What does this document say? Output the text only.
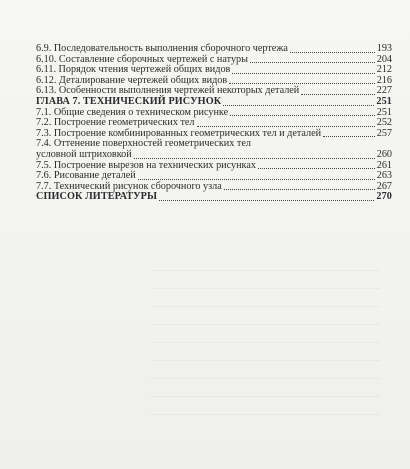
6.9. Последовательность выполнения сборочного чертежа	193
6.10. Составление сборочных чертежей с натуры	204
6.11. Порядок чтения чертежей общих видов	212
6.12. Деталирование чертежей общих видов	216
6.13. Особенности выполнения чертежей некоторых деталей	227
ГЛАВА 7. ТЕХНИЧЕСКИЙ РИСУНОК	251
7.1. Общие сведения о техническом рисунке	251
7.2. Построение геометрических тел	252
7.3. Построение комбинированных геометрических тел и деталей	257
7.4. Оттенение поверхностей геометрических тел
условной штриховкой	260
7.5. Построение вырезов на технических рисунках	261
7.6. Рисование деталей	263
7.7. Технический рисунок сборочного узла	267
СПИСОК ЛИТЕРАТУРЫ	270
